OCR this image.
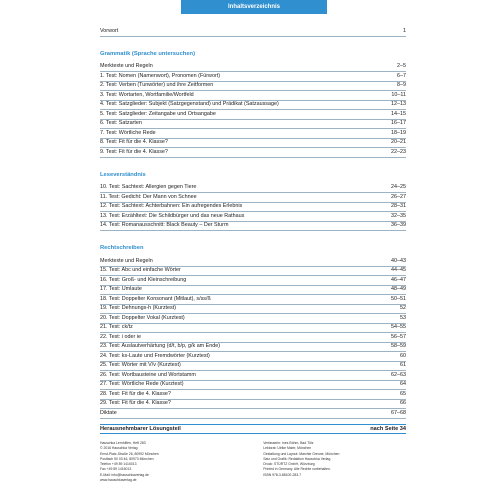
Inhaltsverzeichnis
Vorwort	1
Grammatik (Sprache untersuchen)
Merktexte und Regeln	2–5
1. Test: Nomen (Namenwort), Pronomen (Fürwort)	6–7
2. Test: Verben (Tunwörter) und ihre Zeitformen	8–9
3. Test: Wortarten, Wortfamilie/Wortfeld	10–11
4. Test: Satzglieder: Subjekt (Satzgegenstand) und Prädikat (Satzaussage)	12–13
5. Test: Satzglieder: Zeitangabe und Ortsangabe	14–15
6. Test: Satzarten	16–17
7. Test: Wörtliche Rede	18–19
8. Test: Fit für die 4. Klasse?	20–21
9. Test: Fit für die 4. Klasse?	22–23
Leseverständnis
10. Test: Sachtext: Allergien gegen Tiere	24–25
11. Test: Gedicht: Der Mann von Schnee	26–27
12. Test: Sachtext: Achterbahnen: Ein aufregendes Erlebnis	28–31
13. Test: Erzähltext: Die Schildbürger und das neue Rathaus	32–35
14. Test: Romanausschnitt: Black Beauty – Der Sturm	36–39
Rechtschreiben
Merktexte und Regeln	40–43
15. Test: Abc und einfache Wörter	44–45
16. Test: Groß- und Kleinschreibung	46–47
17. Test: Umlaute	48–49
18. Test: Doppelter Konsonant (Mitlaut), s/ss/ß	50–51
19. Test: Dehnungs-h (Kurztest)	52
20. Test: Doppelter Vokal (Kurztest)	53
21. Test: ck/tz	54–55
22. Test: i oder ie	56–57
23. Test: Auslautverhärtung (d/t, b/p, g/k am Ende)	58–59
24. Test: ks-Laute und Fremdwörter (Kurztest)	60
25. Test: Wörter mit V/v (Kurztest)	61
26. Test: Wortbausteine und Wortstamm	62–63
27. Test: Wörtliche Rede (Kurztest)	64
28. Test: Fit für die 4. Klasse?	65
29. Test: Fit für die 4. Klasse?	66
Diktate	67–68
Herausnehmbarer Lösungsteil	nach Seite 34
Hauschka Lernhilfen, Heft 283
© 2016 Hauschka Verlag
Ernst-Platz-Straße 26, 80992 München
Postfach 50 03 46, 80973 München
Telefon +49 89 1416013
Fax +49 89 1416013
E-Mail: info@hauschkaverlag.de
www.hauschkaverlag.de
Verfasserin: Ines Böhm, Bad Tölz
Lektorat: Ulrike Maier, München
Gestaltung und Layout: Marchie Greune, München
Satz und Grafik: Redaktion Hauschka Verlag
Druck: STÜRTZ GmbH, Würzburg
Printed in Germany. Alle Rechte vorbehalten.
ISBN 978-3-88100-283-7
